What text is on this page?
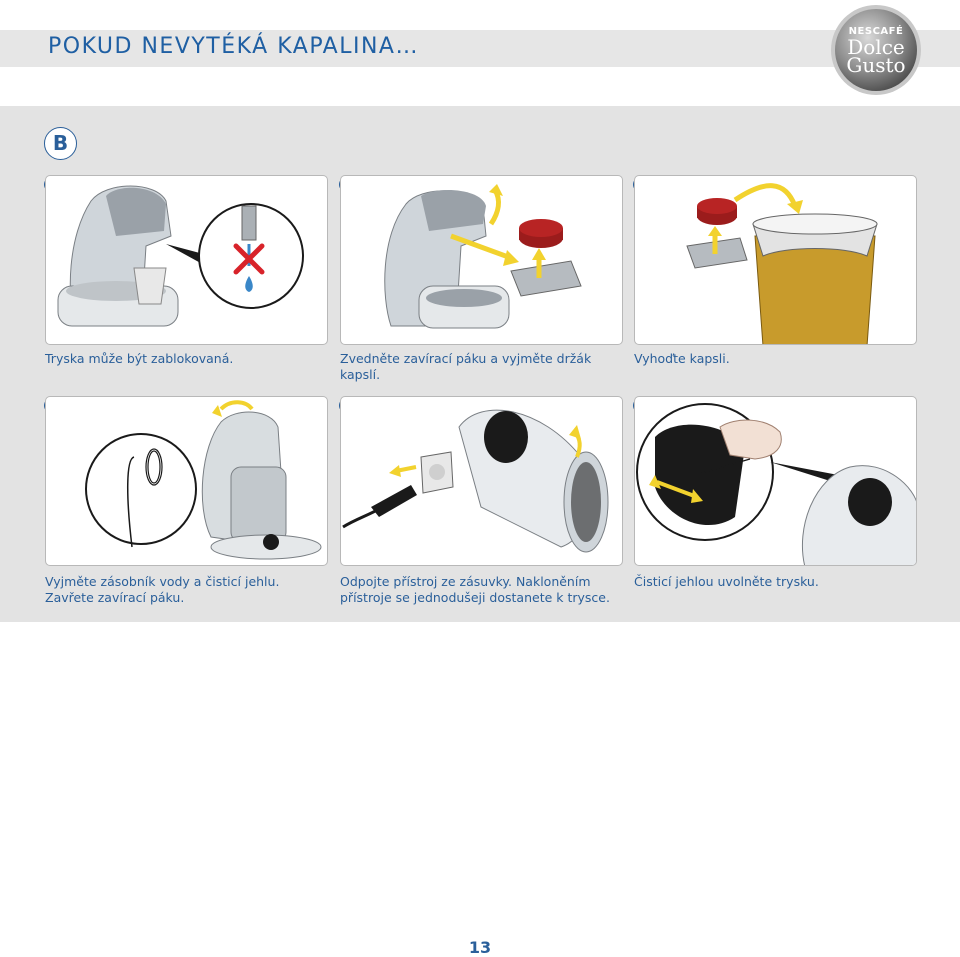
POKUD NEVYTÉKÁ KAPALINA…
NESCAFÉ
Dolce
Gusto
B
Tryska může být zablokovaná.	Zvedněte zavírací páku a vyjměte držák kapslí.
Vyhoďte kapsli.
Vyjměte zásobník vody a čisticí jehlu. Zavřete zavírací páku.
Odpojte přístroj ze zásuvky. Nakloněním přístroje se jednodušeji dostanete k trysce.
Čisticí jehlou uvolněte trysku.
13
